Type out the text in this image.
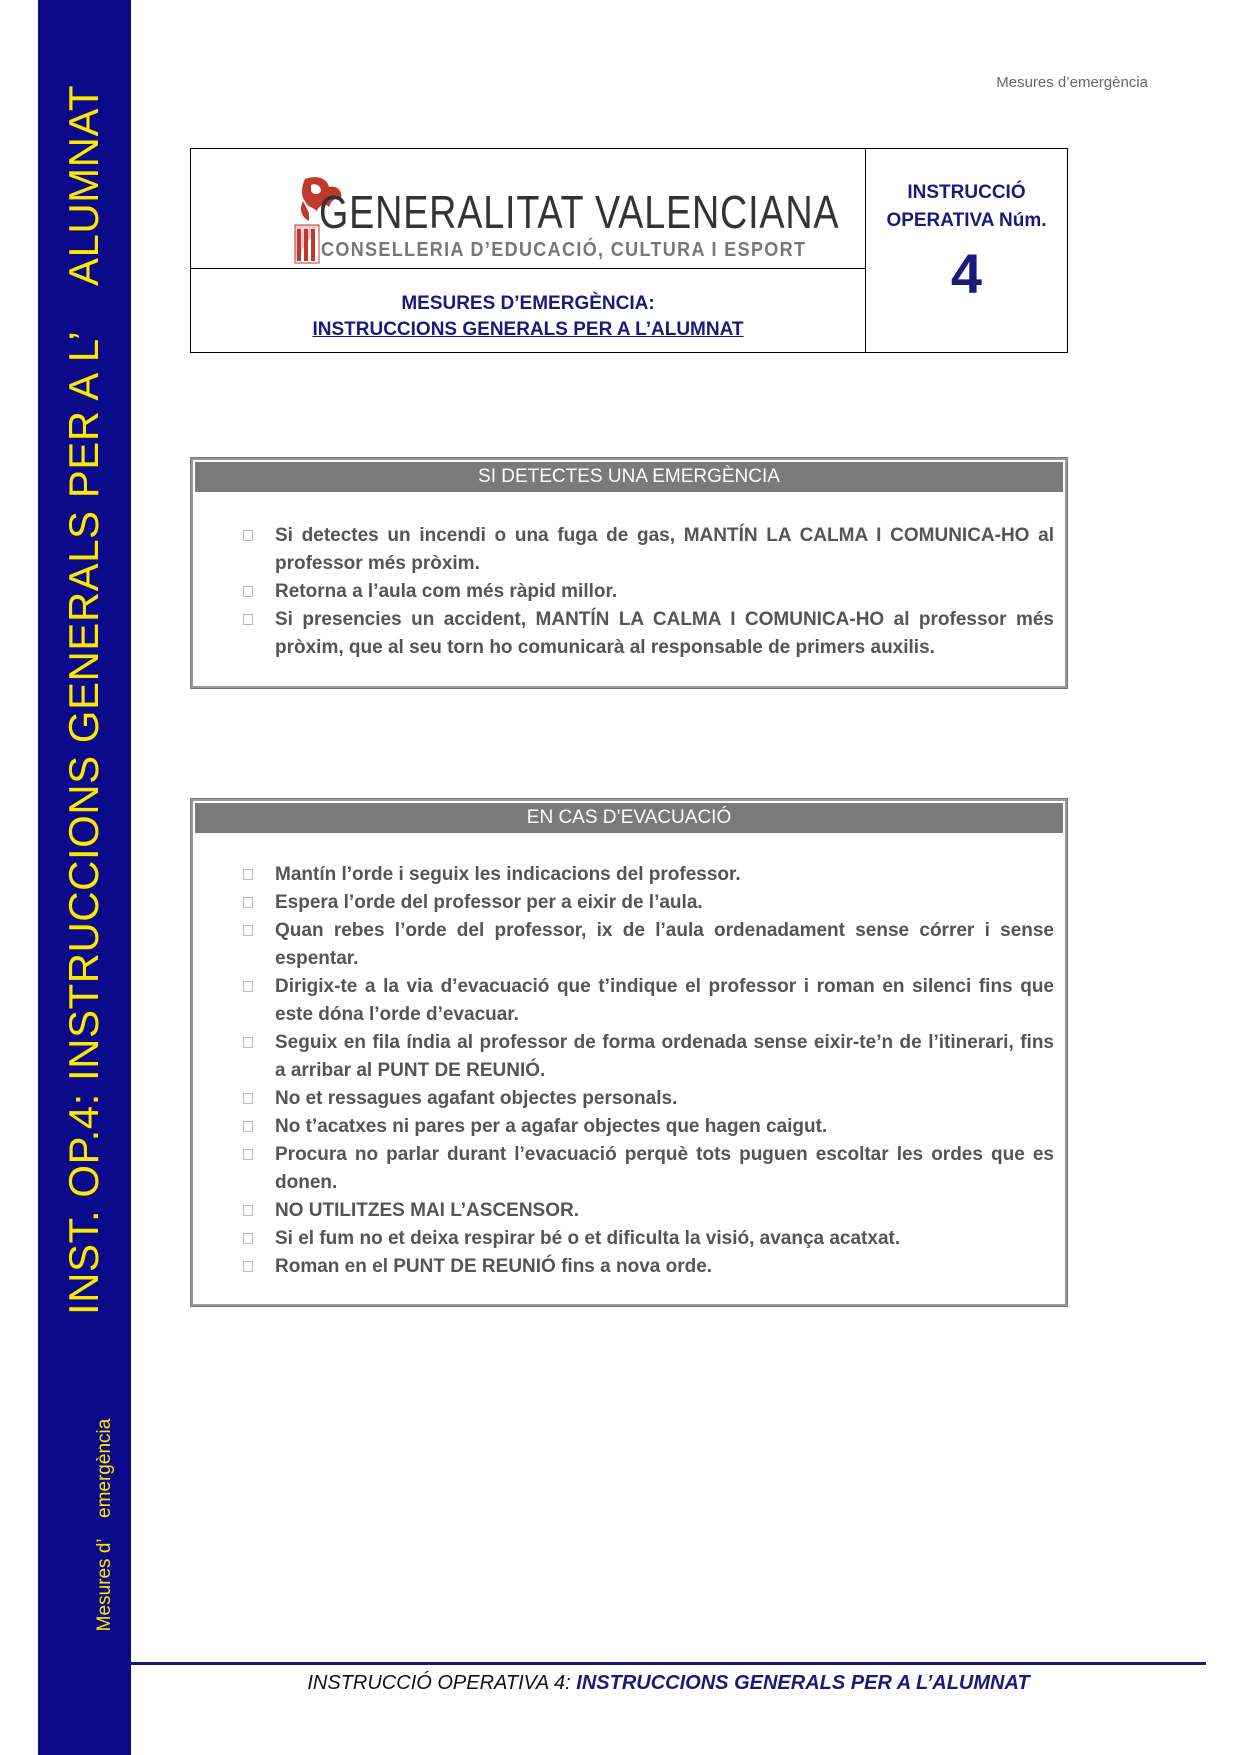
INST. OP.4: INSTRUCCIONS GENERALS PER A L’    ALUMNAT
Mesures d’    emergència
Mesures d’emergència
GENERALITAT VALENCIANA
CONSELLERIA D’EDUCACIÓ, CULTURA I ESPORT
MESURES D’EMERGÈNCIA:
INSTRUCCIONS GENERALS PER A L’ALUMNAT
INSTRUCCIÓ
OPERATIVA Núm.
4
SI DETECTES UNA EMERGÈNCIA
Si detectes un incendi o una fuga de gas, MANTÍN LA CALMA I COMUNICA-HO al professor més pròxim.
Retorna a l’aula com més ràpid millor.
Si presencies un accident, MANTÍN LA CALMA I COMUNICA-HO al professor més pròxim, que al seu torn ho comunicarà al responsable de primers auxilis.
EN CAS D’EVACUACIÓ
Mantín l’orde i seguix les indicacions del professor.
Espera l’orde del professor per a eixir de l’aula.
Quan rebes l’orde del professor, ix de l’aula ordenadament sense córrer i sense espentar.
Dirigix-te a la via d’evacuació que t’indique el professor i roman en silenci fins que este dóna l’orde d’evacuar.
Seguix en fila índia al professor de forma ordenada sense eixir-te’n de l’itinerari, fins a arribar al PUNT DE REUNIÓ.
No et ressagues agafant objectes personals.
No t’acatxes ni pares per a agafar objectes que hagen caigut.
Procura no parlar durant l’evacuació perquè tots puguen escoltar les ordes que es donen.
NO UTILITZES MAI L’ASCENSOR.
Si el fum no et deixa respirar bé o et dificulta la visió, avança acatxat.
Roman en el PUNT DE REUNIÓ fins a nova orde.
INSTRUCCIÓ OPERATIVA 4: INSTRUCCIONS GENERALS PER A L’ALUMNAT
